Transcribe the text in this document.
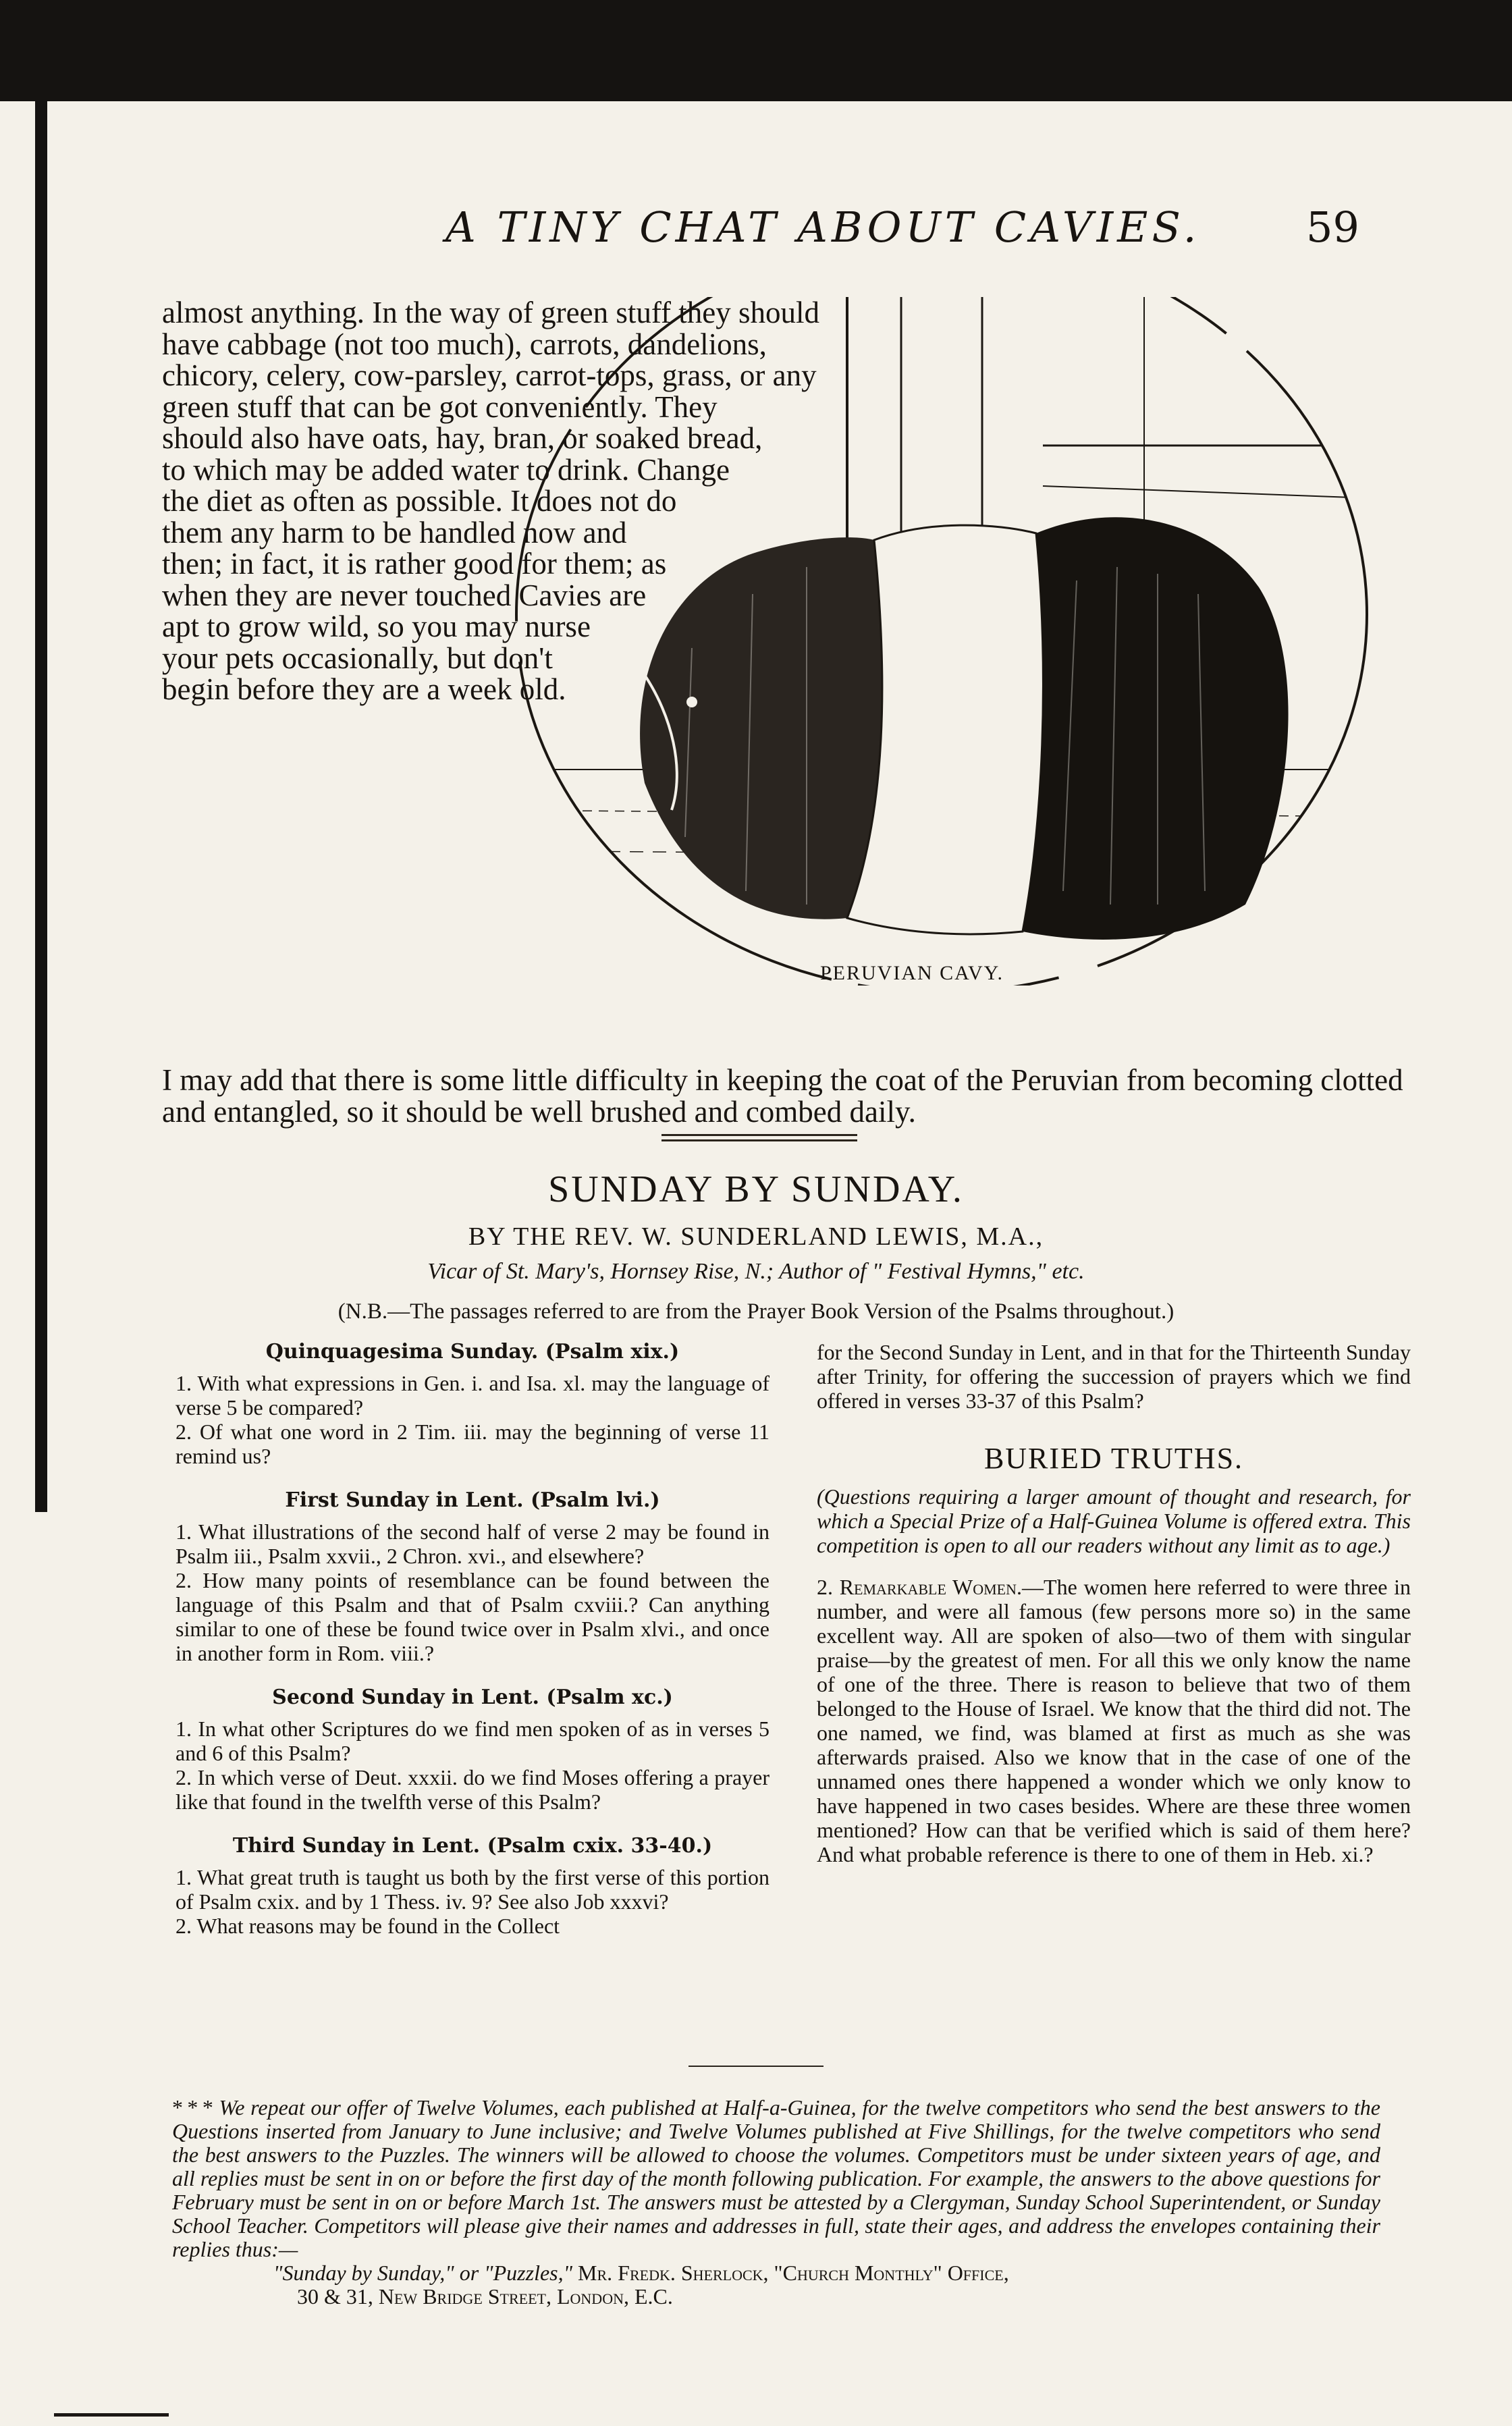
A TINY CHAT ABOUT CAVIES.	59
PERUVIAN CAVY.

almost anything. In the way of green stuff they should have cabbage (not too much), carrots, dandelions, chicory, celery, cow-parsley, carrot-tops, grass, or any green stuff that can be got conveniently. They should also have oats, hay, bran, or soaked bread, to which may be added water to drink. Change the diet as often as possible. It does not do them any harm to be handled now and then; in fact, it is rather good for them; as when they are never touched Cavies are apt to grow wild, so you may nurse your pets occasionally, but don't begin before they are a week old.

I may add that there is some little difficulty in keeping the coat of the Peruvian from becoming clotted and entangled, so it should be well brushed and combed daily.

SUNDAY BY SUNDAY.
BY THE REV. W. SUNDERLAND LEWIS, M.A.,
Vicar of St. Mary's, Hornsey Rise, N.; Author of " Festival Hymns," etc.
(N.B.—The passages referred to are from the Prayer Book Version of the Psalms throughout.)

Quinquagesima Sunday. (Psalm xix.)

1. With what expressions in Gen. i. and Isa. xl. may the language of verse 5 be compared?

2. Of what one word in 2 Tim. iii. may the beginning of verse 11 remind us?

First Sunday in Lent. (Psalm lvi.)

1. What illustrations of the second half of verse 2 may be found in Psalm iii., Psalm xxvii., 2 Chron. xvi., and elsewhere?

2. How many points of resemblance can be found between the language of this Psalm and that of Psalm cxviii.? Can anything similar to one of these be found twice over in Psalm xlvi., and once in another form in Rom. viii.?

Second Sunday in Lent. (Psalm xc.)

1. In what other Scriptures do we find men spoken of as in verses 5 and 6 of this Psalm?

2. In which verse of Deut. xxxii. do we find Moses offering a prayer like that found in the twelfth verse of this Psalm?

Third Sunday in Lent. (Psalm cxix. 33-40.)

1. What great truth is taught us both by the first verse of this portion of Psalm cxix. and by 1 Thess. iv. 9? See also Job xxxvi?

2. What reasons may be found in the Collect

for the Second Sunday in Lent, and in that for the Thirteenth Sunday after Trinity, for offering the succession of prayers which we find offered in verses 33-37 of this Psalm?

BURIED TRUTHS.

(Questions requiring a larger amount of thought and research, for which a Special Prize of a Half-Guinea Volume is offered extra. This competition is open to all our readers without any limit as to age.)

2. Remarkable Women.—The women here referred to were three in number, and were all famous (few persons more so) in the same excellent way. All are spoken of also—two of them with singular praise—by the greatest of men. For all this we only know the name of one of the three. There is reason to believe that two of them belonged to the House of Israel. We know that the third did not. The one named, we find, was blamed at first as much as she was afterwards praised. Also we know that in the case of one of the unnamed ones there happened a wonder which we only know to have happened in two cases besides. Where are these three women mentioned? How can that be verified which is said of them here? And what probable reference is there to one of them in Heb. xi.?

* * * We repeat our offer of Twelve Volumes, each published at Half-a-Guinea, for the twelve competitors who send the best answers to the Questions inserted from January to June inclusive; and Twelve Volumes published at Five Shillings, for the twelve competitors who send the best answers to the Puzzles. The winners will be allowed to choose the volumes. Competitors must be under sixteen years of age, and all replies must be sent in on or before the first day of the month following publication. For example, the answers to the above questions for February must be sent in on or before March 1st. The answers must be attested by a Clergyman, Sunday School Superintendent, or Sunday School Teacher. Competitors will please give their names and addresses in full, state their ages, and address the envelopes containing their replies thus:—
"Sunday by Sunday," or "Puzzles," Mr. Fredk. Sherlock, "Church Monthly" Office,
30 & 31, New Bridge Street, London, E.C.
